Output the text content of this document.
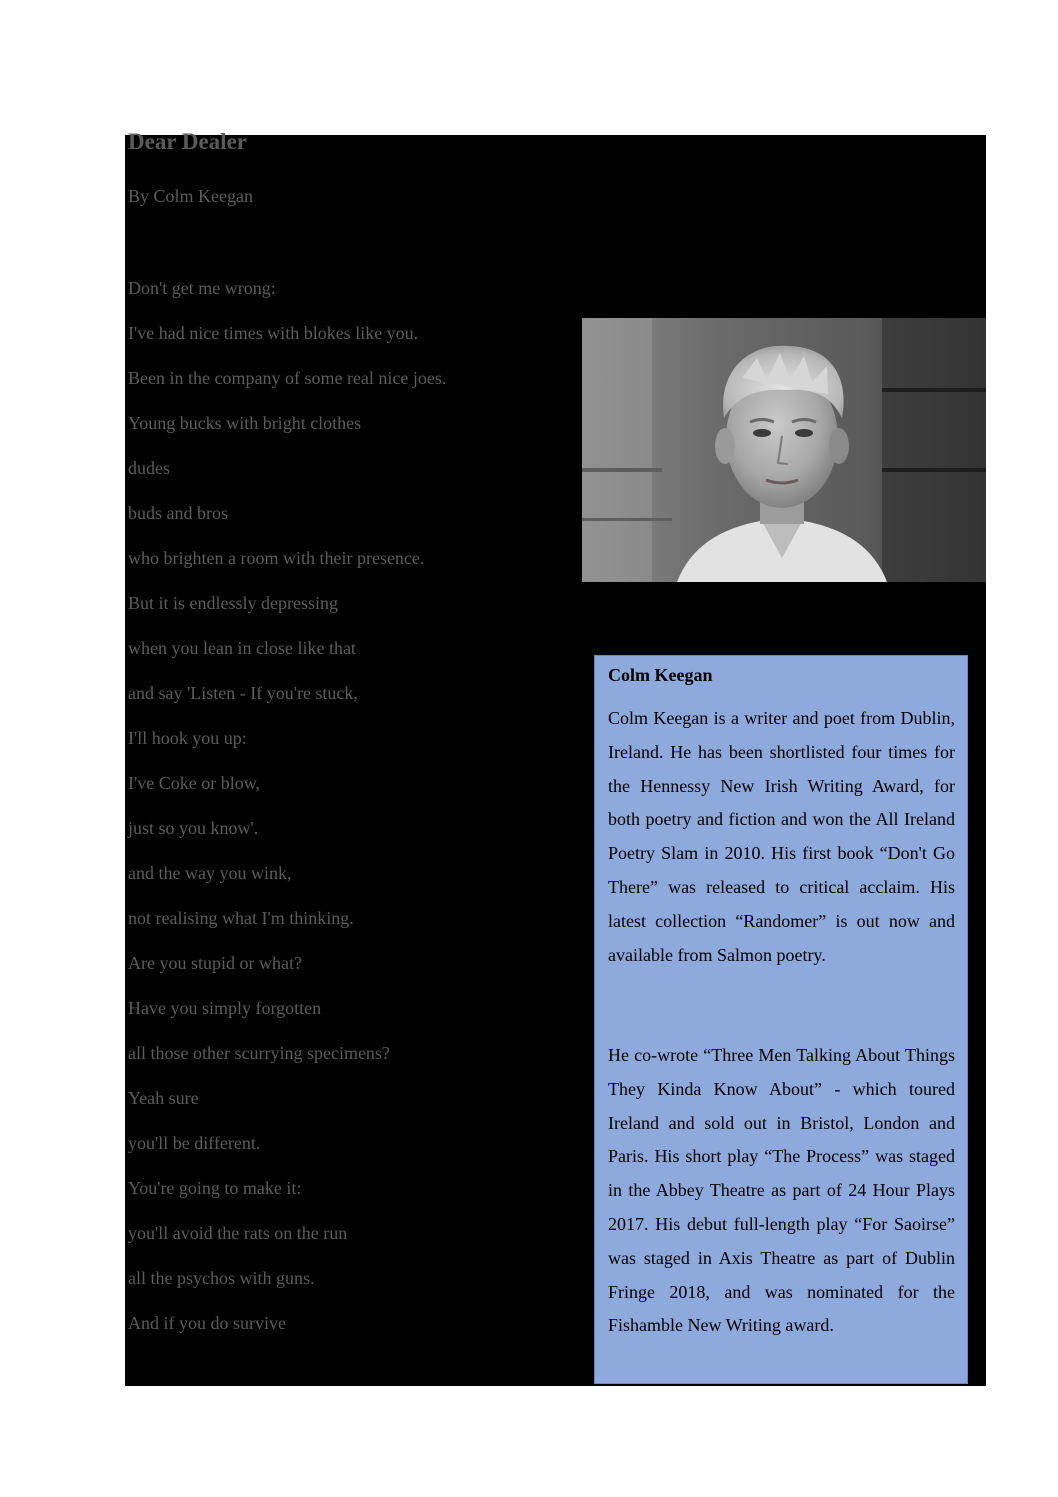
Dear Dealer

By Colm Keegan

Don't get me wrong:
I've had nice times with blokes like you.
Been in the company of some real nice joes.
Young bucks with bright clothes
dudes
buds and bros
who brighten a room with their presence.
But it is endlessly depressing
when you lean in close like that
and say 'Listen - If you're stuck,
I'll hook you up:
I've Coke or blow,
just so you know'.
and the way you wink,
not realising what I'm thinking.
Are you stupid or what?
Have you simply forgotten
all those other scurrying specimens?
Yeah sure
you'll be different.
You're going to make it:
you'll avoid the rats on the run
all the psychos with guns.
And if you do survive
Colm Keegan

Colm Keegan is a writer and poet from Dublin, Ireland. He has been shortlisted four times for the Hennessy New Irish Writing Award, for both poetry and fiction and won the All Ireland Poetry Slam in 2010. His first book “Don't Go There” was released to critical acclaim. His latest collection “Randomer” is out now and available from Salmon poetry.

He co-wrote “Three Men Talking About Things They Kinda Know About” - which toured Ireland and sold out in Bristol, London and Paris. His short play “The Process” was staged in the Abbey Theatre as part of 24 Hour Plays 2017. His debut full-length play “For Saoirse” was staged in Axis Theatre as part of Dublin Fringe 2018, and was nominated for the Fishamble New Writing award.
